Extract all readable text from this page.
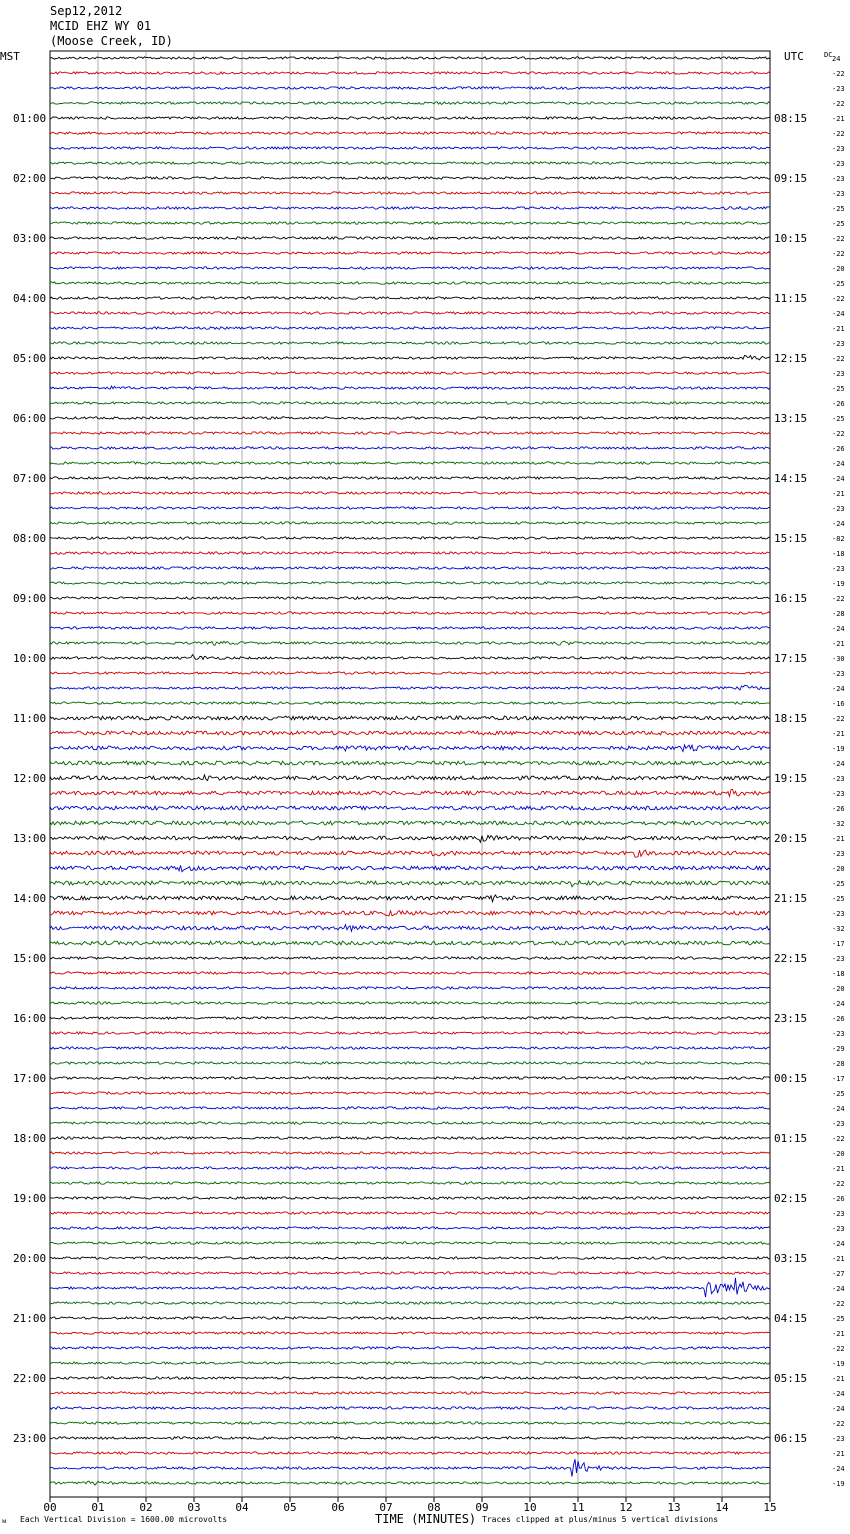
Sep12,2012
MCID EHZ WY 01
(Moose Creek, ID)
01:00
02:00
03:00
04:00
05:00
06:00
07:00
08:00
09:00
10:00
11:00
12:00
13:00
14:00
15:00
16:00
17:00
18:00
19:00
20:00
21:00
22:00
23:00
08:15
09:15
10:15
11:15
12:15
13:15
14:15
15:15
16:15
17:15
18:15
19:15
20:15
21:15
22:15
23:15
00:15
01:15
02:15
03:15
04:15
05:15
06:15
24
-22
-23
-22
-21
-22
-23
-23
-23
-23
-25
-25
-22
-22
-20
-25
-22
-24
-21
-23
-22
-23
-25
-26
-25
-22
-26
-24
-24
-21
-23
-24
-82
-18
-23
-19
-22
-28
-24
-21
-30
-23
-24
-16
-22
-21
-19
-24
-23
-23
-26
-32
-21
-23
-20
-25
-25
-23
-32
-17
-23
-18
-20
-24
-26
-23
-29
-28
-17
-25
-24
-23
-22
-20
-21
-22
-26
-23
-23
-24
-21
-27
-24
-22
-25
-21
-22
-19
-21
-24
-24
-22
-23
-21
-24
-19
00	01	02	03	04	05	06	07	08	09	10	11	12	13	14	15
MST	UTC	DC
TIME (MINUTES)
Each Vertical Division = 1600.00 microvolts	Traces clipped at plus/minus 5 vertical divisions
ᴍ
